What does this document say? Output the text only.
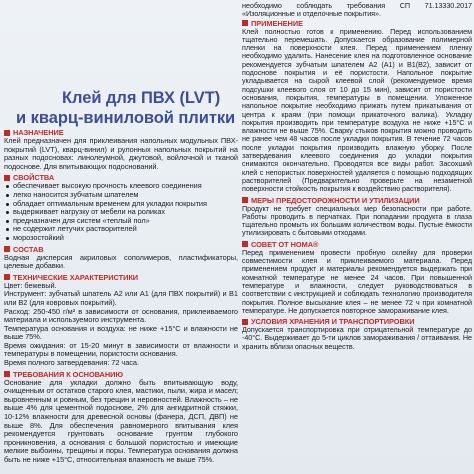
Клей для ПВХ (LVT)
и кварц-виниловой плитки
НАЗНАЧЕНИЕ

Клей предназначен для приклеивания напольных модульных ПВХ-покрытий (LVT), кварц-винил) и рулонных напольных покрытий на разных подосновах: линолеумной, джутовой, войлочной и тканой подоснове. Для впитывающих подоснований.

СВОЙСТВА
обеспечивает высокую прочность клеевого соединения
легко наносится зубчатым шпателем
обладает оптимальным временем для укладки покрытия
выдерживает нагрузку от мебели на роликах
предназначен для систем «теплый пол»
не содержит летучих растворителей
морозостойкий
СОСТАВ

Водная дисперсия акриловых сополимеров, пластификаторы, целевые добавки.

ТЕХНИЧЕСКИЕ ХАРАКТЕРИСТИКИ

Цвет: бежевый.

Инструмент: зубчатый шпатель A2 или A1 (для ПВХ покрытий) и B1 или B2 (для ковровых покрытий).

Расход: 250-450 г/м² в зависимости от основания, приклеиваемого материала и используемого инструмента.

Температура основания и воздуха: не ниже +15°С и влажности не выше 75%.

Время ожидания: от 15-20 минут в зависимости от влажности и температуры в помещении, пористости основания.

Время полного затвердевания: 72 часа.

ТРЕБОВАНИЯ К ОСНОВАНИЮ

Основание для укладки должно быть впитывающую воду, очищенным от остатков старого клея, мастики, пыли, жира и масел; выровненным и ровным, без трещин и неровностей. Влажность – не выше 4% для цементной подоснове, 2% для ангидритной стяжки, 10-12% влажности для древесной основы (фанера, ДСП, ДВП) не выше 8%. Для обеспечения равномерного впитывания клея рекомендуется грунтовать основание грунтом глубокого проникновения, а основания с большой пористостью и имеющие мелкие выбоины, трещины и поры. Температура основания должна быть не ниже +15°С, относительная влажность не выше 75%.

необходимо соблюдать требования СП 71.13330.2017 «Изоляционные и отделочные покрытия».

ПРИМЕНЕНИЕ

Клей полностью готов к применению. Перед использованием тщательно перемешать. Допускается образование полимерной пленки на поверхности клея. Перед применением пленку необходимо удалить. Нанесение клея на подготовленное основание рекомендуется зубчатым шпателем A2 (A1) и B1(B2), зависит от подоснове покрытия и её пористости. Напольное покрытие укладывается на сырой клеевой слой (рекомендуемое время подсушки клеевого слоя от 10 до 15 мин), зависит от пористости основания, покрытия, температуры в помещении. Уложенное напольное покрытие необходимо прижать путем прикатывания от центра к краям (при помощи прикаточного валика). Укладку покрытия производить при температуре воздуха не ниже +15°С и влажности не выше 75%. Сварку стыков покрытия можно проводить не ранее чем 48 часов после укладки покрытия. В течение 72 часов после укладки покрытия производить влажную уборку. После затвердевания клеевого соединения до укладки покрытия снимаются окончательно. Проводятся все виды работ. Засохший клей с непористых поверхностей удаляется с помощью подходящих растворителей (Предварительно проверьте на незаметной поверхности стойкость покрытия к воздействию растворителя).

МЕРЫ ПРЕДОСТОРОЖНОСТИ И УТИЛИЗАЦИИ

Продукт не требует специальных мер безопасности при работе. Работы проводить в перчатках. При попадании продукта в глаза тщательно промыть их большим количеством воды. Пустые ёмкости утилизировать с бытовыми отходами.

СОВЕТ ОТ HOMA®

Перед применением провести пробную склейку для проверки совместимости клея и приклеиваемого материала. Перед применением продукт и материалы рекомендуется выдержать при комнатной температуре не менее 24 часов. При повышенной температуре и влажности, следует руководствоваться в соответствии с инструкцией и соблюдать технологию производителя покрытия. Полное высыхание клея – не менее 72 ч при комнатной температуре. Не допускается повторное замораживание клея.

УСЛОВИЯ ХРАНЕНИЯ И ТРАНСПОРТИРОВКИ

Допускается транспортировка при отрицательной температуре до -40°С. Выдерживает до 5-ти циклов замораживания / оттаивания. Не хранить вблизи опасных веществ.
